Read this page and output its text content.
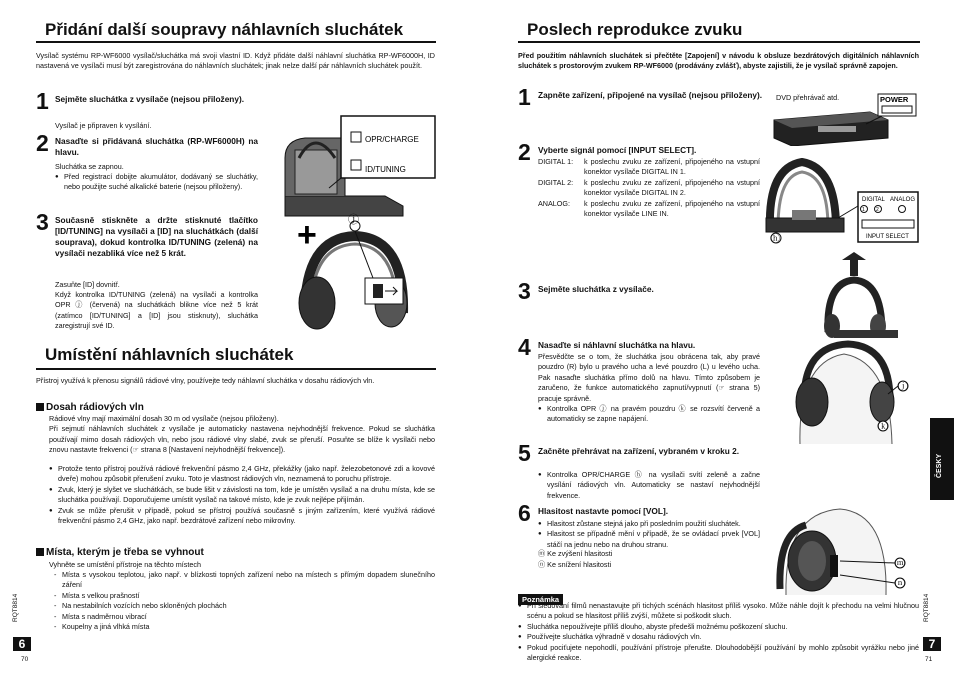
Přidání další soupravy náhlavních sluchátek
Vysílač systému RP-WF6000 vysílač/sluchátka má svoji vlastní ID. Když přidáte další náhlavní sluchátka RP-WF6000H, ID nastavená ve vysílači musí být zaregistrována do náhlavních sluchátek; jinak nelze další pár náhlavních sluchátek použít.
1 Sejměte sluchátka z vysílače (nejsou přiloženy).
Vysílač je připraven k vysílání.
2 Nasaďte si přidávaná sluchátka (RP-WF6000H) na hlavu.
Sluchátka se zapnou.
● Před registrací dobijte akumulátor, dodávaný se sluchátky, nebo použijte suché alkalické baterie (nejsou přiloženy).
3 Současně stiskněte a držte stisknuté tlačítko [ID/TUNING] na vysílači a [ID] na sluchátkách (další souprava), dokud kontrolka ID/TUNING (zelená) na vysílači nezabliká více než 5 krát.
Zasuňte [ID] dovnitř.
Když kontrolka ID/TUNING (zelená) na vysílači a kontrolka OPR ⓙ (červená) na sluchátkách blikne více než 5 krát (zatímco [ID/TUNING] a [ID] jsou stisknuty), sluchátka zaregistrují své ID.
OPR/CHARGE
ID/TUNING
+	ⓙ
Umístění náhlavních sluchátek
Přístroj využívá k přenosu signálů rádiové vlny, používejte tedy náhlavní sluchátka v dosahu rádiových vln.
Dosah rádiových vln
Rádiové vlny mají maximální dosah 30 m od vysílače (nejsou přiloženy).
Při sejmutí náhlavních sluchátek z vysílače je automaticky nastavena nejvhodnější frekvence. Pokud se sluchátka používají mimo dosah rádiových vln, nebo jsou rádiové vlny slabé, zvuk se přeruší. Posuňte se blíže k vysílači nebo znovu nastavte frekvenci (☞ strana 8 [Nastavení nejvhodnější frekvence]).
● Protože tento přístroj používá rádiové frekvenční pásmo 2,4 GHz, překážky (jako např. železobetonové zdi a kovové dveře) mohou způsobit přerušení zvuku. Toto je vlastnost rádiových vln, neznamená to poruchu přístroje.
● Zvuk, který je slyšet ve sluchátkách, se bude lišit v závislosti na tom, kde je umístěn vysílač a na druhu místa, kde se sluchátka používají. Doporučujeme umístit vysílač na takové místo, kde je zvuk nejlépe přijímán.
● Zvuk se může přerušit v případě, pokud se přístroj používá současně s jiným zařízením, které využívá rádiové frekvenční pásmo 2,4 GHz, jako např. bezdrátové zařízení nebo mikrovlny.
Místa, kterým je třeba se vyhnout
Vyhněte se umístění přístroje na těchto místech
- Místa s vysokou teplotou, jako např. v blízkosti topných zařízení nebo na místech s přímým dopadem slunečního záření
- Místa s velkou prašností
- Na nestabilních vozících nebo skloněných plochách
- Místa s nadměrnou vibrací
- Koupelny a jiná vlhká místa
RQT8814
6
70
Poslech reprodukce zvuku
Před použitím náhlavních sluchátek si přečtěte [Zapojení] v návodu k obsluze bezdrátových digitálních náhlavních sluchátek s prostorovým zvukem RP-WF6000 (prodávány zvlášť), abyste zajistili, že je vysílač správně zapojen.
1 Zapněte zařízení, připojené na vysílač (nejsou přiloženy).	DVD přehrávač atd.	POWER
2 Vyberte signál pomocí [INPUT SELECT].
DIGITAL 1:	k poslechu zvuku ze zařízení, připojeného na vstupní konektor vysílače DIGITAL IN 1.
DIGITAL 2:	k poslechu zvuku ze zařízení, připojeného na vstupní konektor vysílače DIGITAL IN 2.
ANALOG:	k poslechu zvuku ze zařízení, připojeného na vstupní konektor vysílače LINE IN.
ⓗ
DIGITAL ANALOG
1 2
INPUT SELECT
3 Sejměte sluchátka z vysílače.
4 Nasaďte si náhlavní sluchátka na hlavu.
Přesvědčte se o tom, že sluchátka jsou obrácena tak, aby pravé pouzdro (R) bylo u pravého ucha a levé pouzdro (L) u levého ucha. Pak nasaďte sluchátka přímo dolů na hlavu. Tímto způsobem je zaručeno, že funkce automatického zapnutí/vypnutí (☞ strana 5) pracuje správně.
● Kontrolka OPR ⓙ na pravém pouzdru ⓚ se rozsvítí červeně a automaticky se zapne napájení.
ⓙ
ⓚ
5 Začněte přehrávat na zařízení, vybraném v kroku 2.
● Kontrolka OPR/CHARGE ⓗ na vysílači svítí zeleně a začne vysílání rádiových vln. Automaticky se nastaví nejvhodnější frekvence.
6 Hlasitost nastavte pomocí [VOL].
● Hlasitost zůstane stejná jako při posledním použití sluchátek.
● Hlasitost se případně mění v případě, že se ovládací prvek [VOL] stáčí na jednu nebo na druhou stranu.
ⓜ Ke zvýšení hlasitosti
ⓝ Ke snížení hlasitosti	ⓜ
ⓝ
Poznámka
● Při sledování filmů nenastavujte při tichých scénách hlasitost příliš vysoko. Může náhle dojít k přechodu na velmi hlučnou scénu a pokud se hlasitost příliš zvýší, můžete si poškodit sluch.
● Sluchátka nepoužívejte příliš dlouho, abyste předešli možnému poškození sluchu.
● Používejte sluchátka výhradně v dosahu rádiových vln.
● Pokud pociťujete nepohodlí, používání přístroje přerušte. Dlouhodobější používání by mohlo způsobit vyrážku nebo jiné alergické reakce.
ČESKY
RQT8814
7
71
